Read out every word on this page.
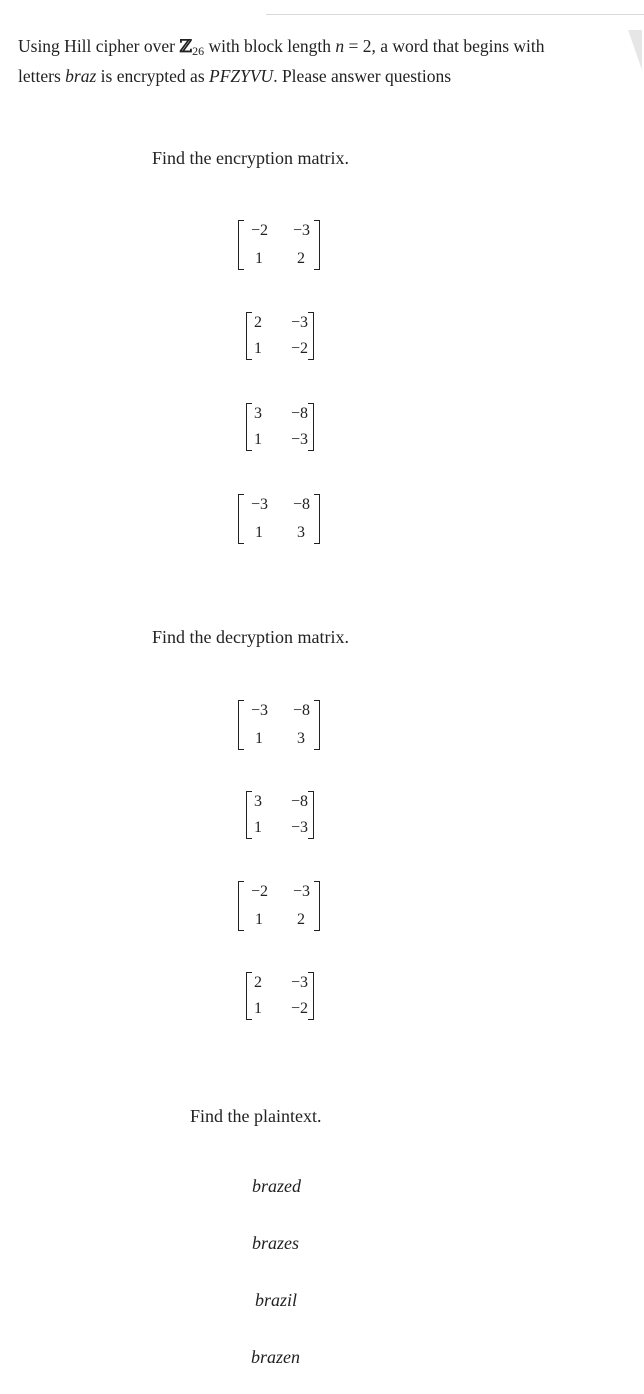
Using Hill cipher over ℤ$_{26}$ with block length n = 2, a word that begins with
letters braz is encrypted as PFZYVU. Please answer questions
Find the encryption matrix.
−2	−3
1	2
2	−3
1	−2
3	−8
1	−3
−3	−8
1	3
Find the decryption matrix.
−3	−8
1	3
3	−8
1	−3
−2	−3
1	2
2	−3
1	−2
Find the plaintext.
brazed
brazes
brazil
brazen
